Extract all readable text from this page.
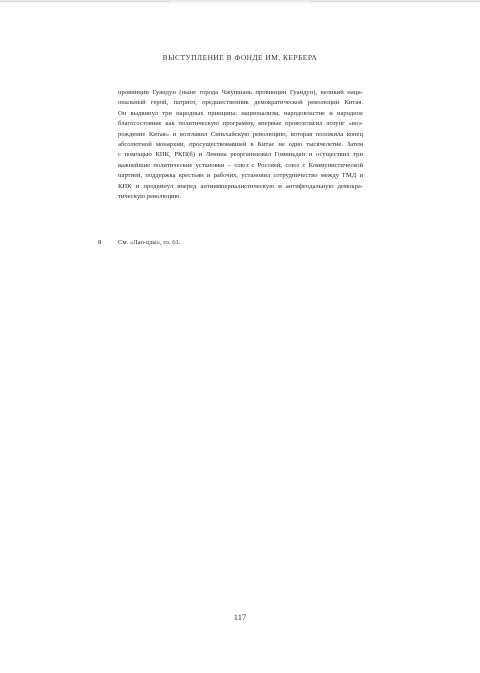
ВЫСТУПЛЕНИЕ В ФОНДЕ ИМ. КЕРБЕРА
провинции Гуандун (ныне города Чжуншань провинции Гуандун), великий наци-
ональный герой, патриот, предшественник демократической революции Китая.
Он выдвинул три народных принципа: национализм, народовластие и народное
благосостояние как политическую программу, впервые провозгласил лозунг «воз-
рождение Китая» и возглавил Синьхайскую революцию, которая положила конец
абсолютной монархии, просуществовавшей в Китае не одно тысячелетие. Затем
с помощью КПК, РКП(б) и Ленина реорганизовал Гоминьдан и осуществил три
важнейшие политические установки – союз с Россией, союз с Коммунистической
партией, поддержка крестьян и рабочих, установил сотрудничество между ГМД и
КПК и продвинул вперед антиимпериалистическую и антифеодальную демокра-
тическую революцию.
8	См. «Лао-цзы», гл. 61.
117
